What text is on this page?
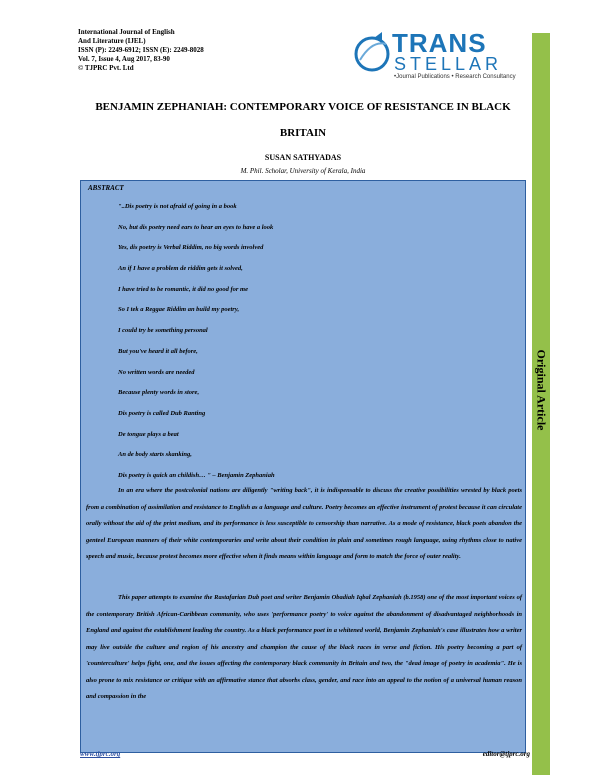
International Journal of English
And Literature (IJEL)
ISSN (P): 2249-6912; ISSN (E): 2249-8028
Vol. 7, Issue 4, Aug 2017, 83-90
© TJPRC Pvt. Ltd
TRANS
STELLAR
•Journal Publications • Research Consultancy
Original Article
BENJAMIN ZEPHANIAH: CONTEMPORARY VOICE OF RESISTANCE IN BLACK
BRITAIN
SUSAN SATHYADAS
M. Phil. Scholar, University of Kerala, India
ABSTRACT
"..Dis poetry is not afraid of going in a book
No, but dis poetry need ears to hear an eyes to have a look
Yes, dis poetry is Verbal Riddim, no big words involved
An if I have a problem de riddim gets it solved,
I have tried to be romantic, it did no good for me
So I tek a Reggae Riddim an build my poetry,
I could try be something personal
But you've heard it all before,
No written words are needed
Because plenty words in store,
Dis poetry is called Dub Ranting
De tongue plays a beat
An de body starts skanking,
Dis poetry is quick an childish… " – Benjamin Zephaniah
In an era where the postcolonial nations are diligently "writing back", it is indispensable to discuss the creative possibilities wrested by black poets from a combination of assimilation and resistance to English as a language and culture. Poetry becomes an effective instrument of protest because it can circulate orally without the aid of the print medium, and its performance is less susceptible to censorship than narrative. As a mode of resistance, black poets abandon the genteel European manners of their white contemporaries and write about their condition in plain and sometimes rough language, using rhythms close to native speech and music, because protest becomes more effective when it finds means within language and form to match the force of outer reality.
This paper attempts to examine the Rastafarian Dub poet and writer Benjamin Obadiah Iqbal Zephaniah (b.1958) one of the most important voices of the contemporary British African-Caribbean community, who uses 'performance poetry' to voice against the abandonment of disadvantaged neighborhoods in England and against the establishment leading the country. As a black performance poet in a whitened world, Benjamin Zephaniah's case illustrates how a writer may live outside the culture and region of his ancestry and champion the cause of the black races in verse and fiction. His poetry becoming a part of 'counterculture' helps fight, one, and the issues affecting the contemporary black community in Britain and two, the "dead image of poetry in academia". He is also prone to mix resistance or critique with an affirmative stance that absorbs class, gender, and race into an appeal to the notion of a universal human reason and compassion in the
www.tjprc.org	editor@tjprc.org
